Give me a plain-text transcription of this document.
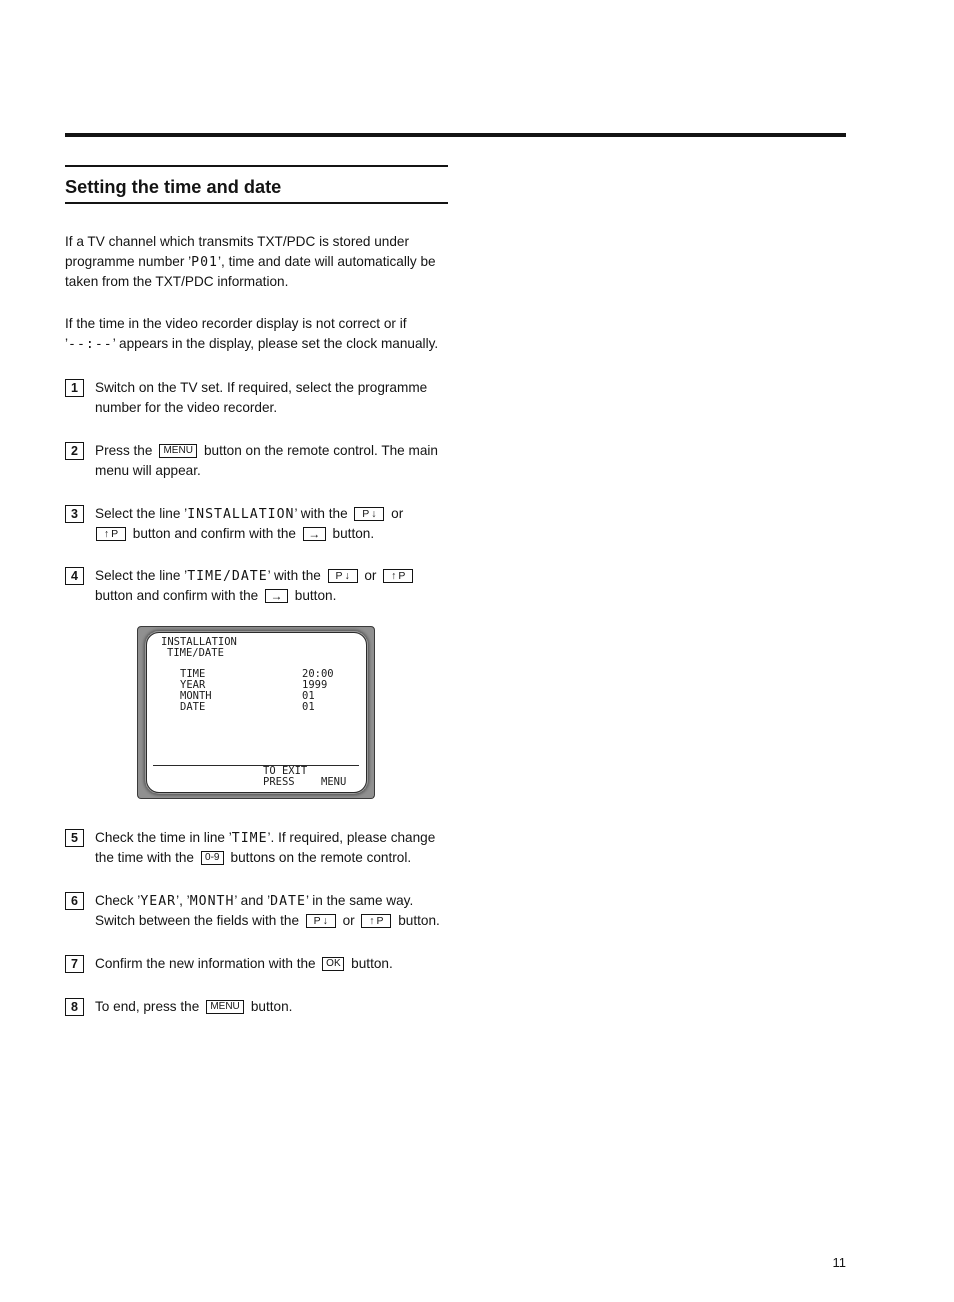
Setting the time and date
If a TV channel which transmits TXT/PDC is stored under
programme number ’P01’, time and date will automatically be
taken from the TXT/PDC information.
If the time in the video recorder display is not correct or if
’--:--’ appears in the display, please set the clock manually.
1	Switch on the TV set. If required, select the programme
number for the video recorder.
2	Press the MENU button on the remote control. The main
menu will appear.
3	Select the line ’INSTALLATION’ with the P↓ or
↑P button and confirm with the → button.
4	Select the line ’TIME/DATE’ with the P↓ or ↑P
button and confirm with the → button.
INSTALLATION
TIME/DATE
TIME	20:00
YEAR	1999
MONTH	01
DATE	01
TO EXIT
PRESS	MENU
5	Check the time in line ’TIME’. If required, please change
the time with the 0-9 buttons on the remote control.
6	Check ’YEAR’, ’MONTH’ and ’DATE’ in the same way.
Switch between the fields with the P↓ or ↑P button.
7	Confirm the new information with the OK button.
8	To end, press the MENU button.
11
